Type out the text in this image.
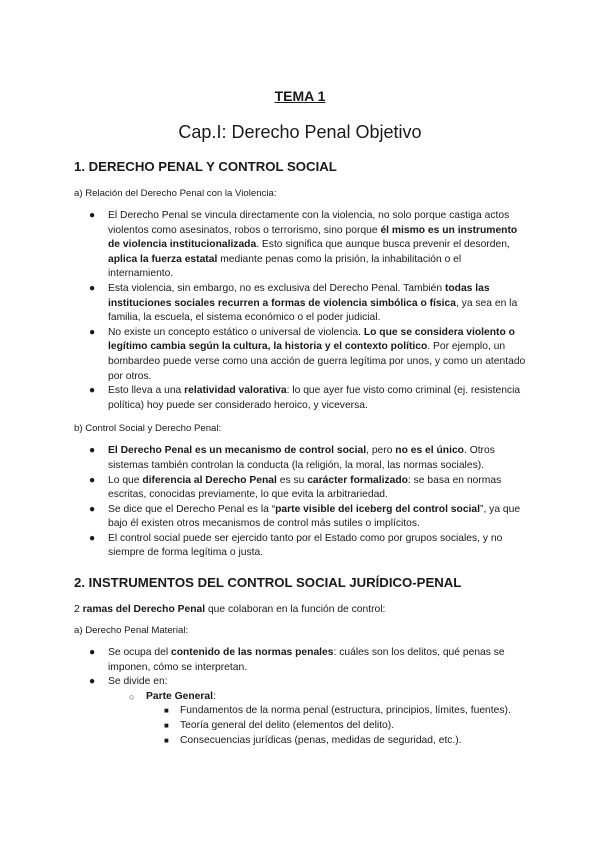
TEMA 1
Cap.I: Derecho Penal Objetivo
1. DERECHO PENAL Y CONTROL SOCIAL
a) Relación del Derecho Penal con la Violencia:
● El Derecho Penal se vincula directamente con la violencia, no solo porque castiga actos violentos como asesinatos, robos o terrorismo, sino porque él mismo es un instrumento de violencia institucionalizada. Esto significa que aunque busca prevenir el desorden, aplica la fuerza estatal mediante penas como la prisión, la inhabilitación o el internamiento.
● Esta violencia, sin embargo, no es exclusiva del Derecho Penal. También todas las instituciones sociales recurren a formas de violencia simbólica o física, ya sea en la familia, la escuela, el sistema económico o el poder judicial.
● No existe un concepto estático o universal de violencia. Lo que se considera violento o legítimo cambia según la cultura, la historia y el contexto político. Por ejemplo, un bombardeo puede verse como una acción de guerra legítima por unos, y como un atentado por otros.
● Esto lleva a una relatividad valorativa: lo que ayer fue visto como criminal (ej. resistencia política) hoy puede ser considerado heroico, y viceversa.
b) Control Social y Derecho Penal:
● El Derecho Penal es un mecanismo de control social, pero no es el único. Otros sistemas también controlan la conducta (la religión, la moral, las normas sociales).
● Lo que diferencia al Derecho Penal es su carácter formalizado: se basa en normas escritas, conocidas previamente, lo que evita la arbitrariedad.
● Se dice que el Derecho Penal es la “parte visible del iceberg del control social”, ya que bajo él existen otros mecanismos de control más sutiles o implícitos.
● El control social puede ser ejercido tanto por el Estado como por grupos sociales, y no siempre de forma legítima o justa.
2. INSTRUMENTOS DEL CONTROL SOCIAL JURÍDICO-PENAL
2 ramas del Derecho Penal que colaboran en la función de control:
a) Derecho Penal Material:
● Se ocupa del contenido de las normas penales: cuáles son los delitos, qué penas se imponen, cómo se interpretan.
● Se divide en:
○ Parte General:
■ Fundamentos de la norma penal (estructura, principios, límites, fuentes).
■ Teoría general del delito (elementos del delito).
■ Consecuencias jurídicas (penas, medidas de seguridad, etc.).
